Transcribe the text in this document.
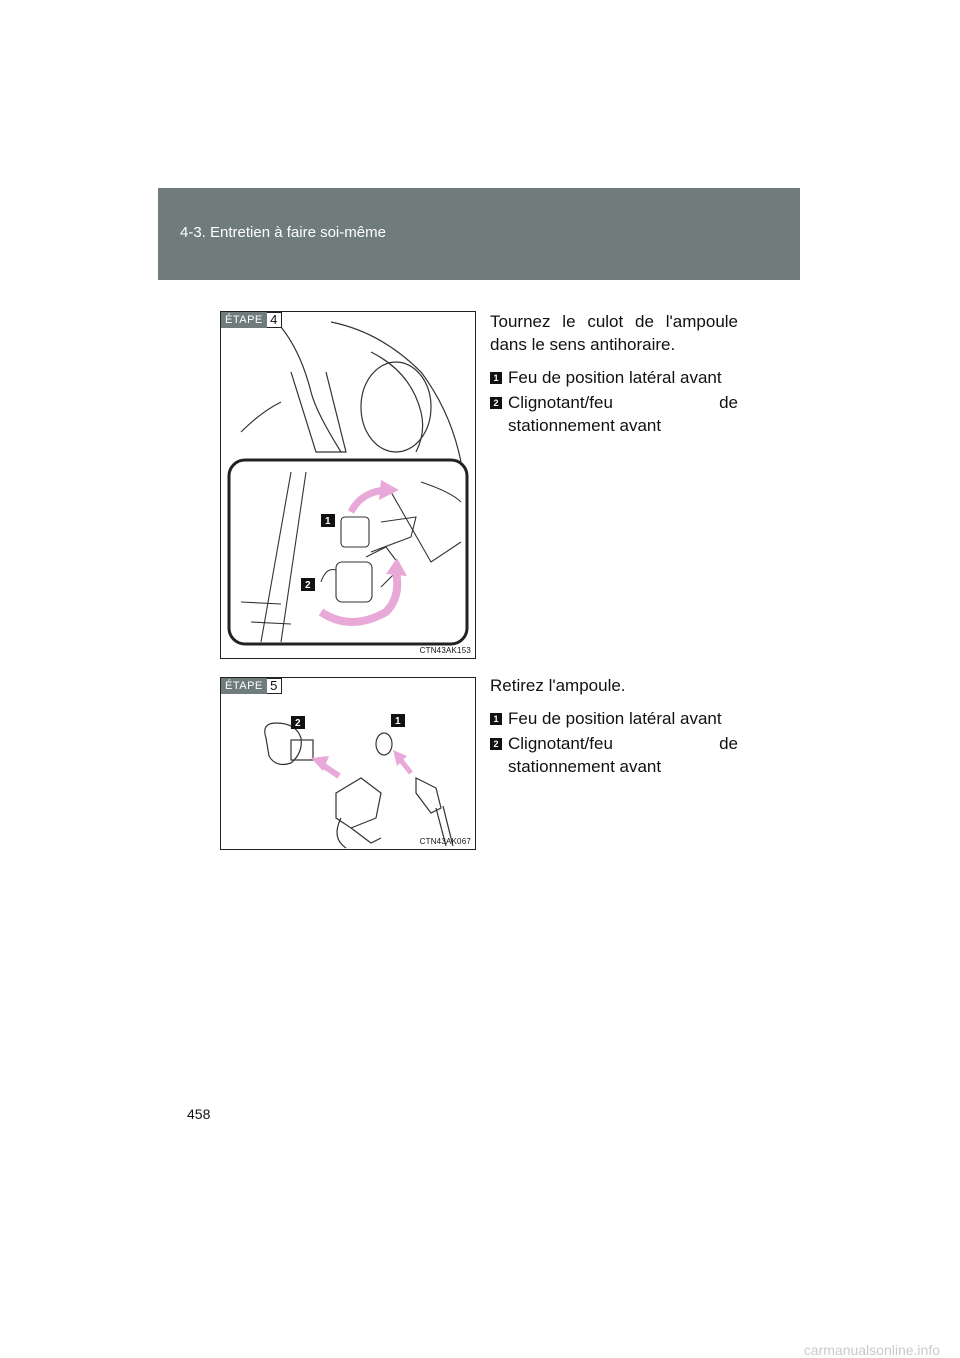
4-3. Entretien à faire soi-même
1
2
ÉTAPE 4
CTN43AK153

Tournez le culot de l'ampoule dans le sens antihoraire.

1 Feu de position latéral avant
2 Clignotant/feu de stationnement avant
2	1
ÉTAPE 5
CTN43AK067

Retirez l'ampoule.

1 Feu de position latéral avant
2 Clignotant/feu de stationnement avant
458
carmanualsonline.info
